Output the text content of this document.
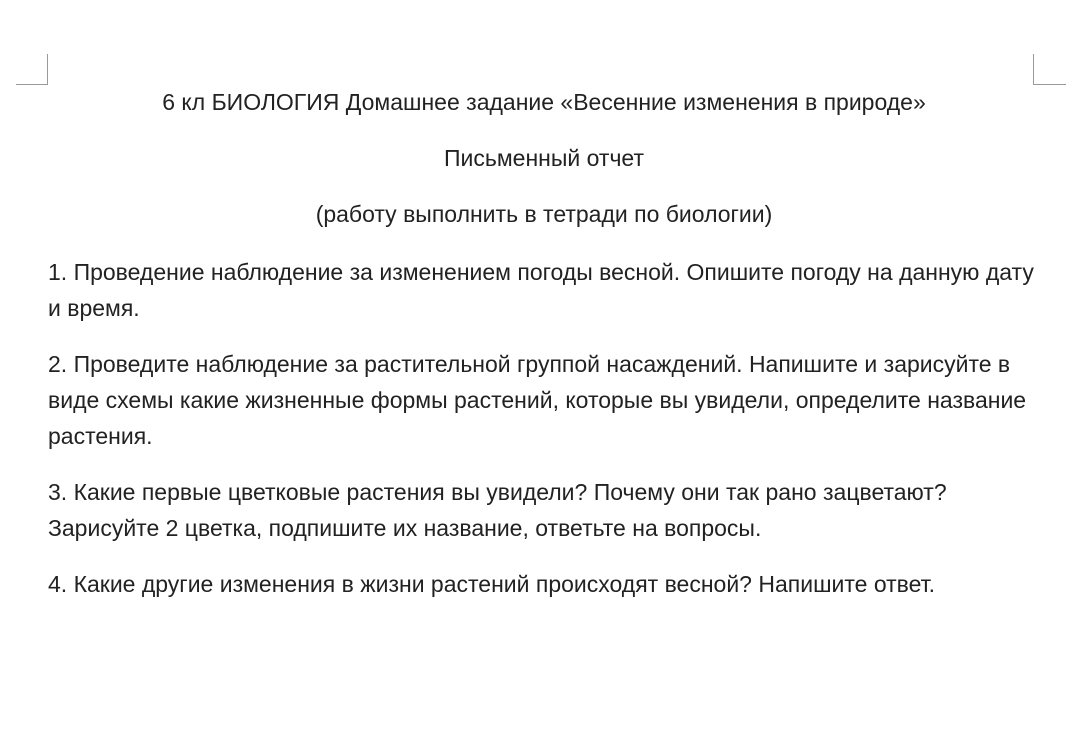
6 кл БИОЛОГИЯ Домашнее задание «Весенние изменения в природе»
Письменный отчет
(работу выполнить в тетради по биологии)

1. Проведение наблюдение за изменением погоды весной. Опишите погоду на данную дату и время.

2. Проведите наблюдение за растительной группой насаждений. Напишите и зарисуйте в виде схемы какие жизненные формы растений, которые вы увидели, определите название растения.

3. Какие первые цветковые растения вы увидели? Почему они так рано зацветают? Зарисуйте 2 цветка, подпишите их название, ответьте на вопросы.

4. Какие другие изменения в жизни растений происходят весной? Напишите ответ.
